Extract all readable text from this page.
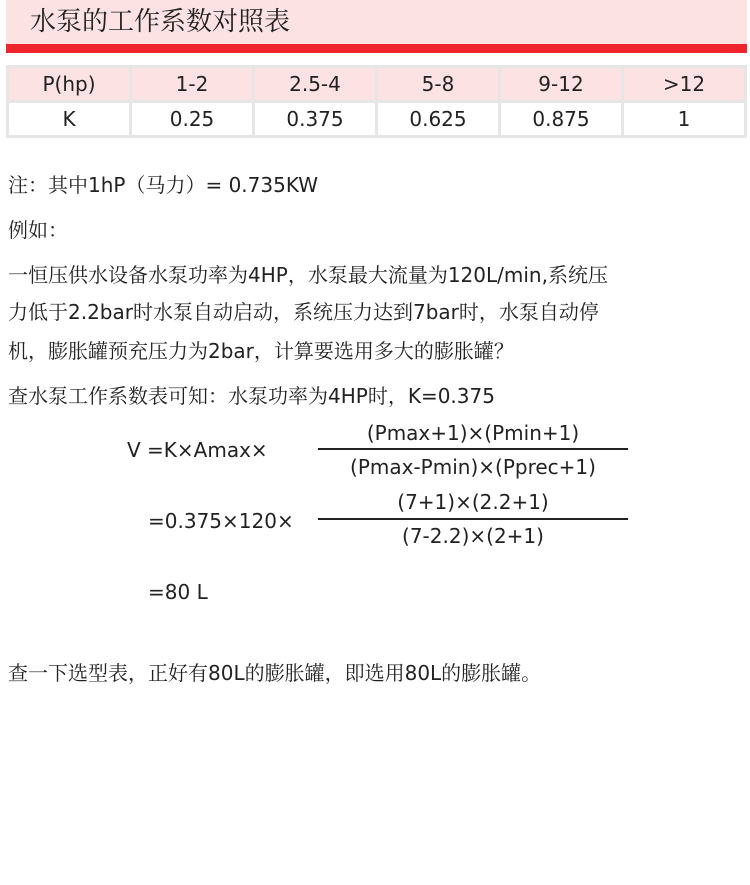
水泵的工作系数对照表
P(hp)	1-2	2.5-4	5-8	9-12	>12
K	0.25	0.375	0.625	0.875	1
注：其中1hP（马力）= 0.735KW
例如：
一恒压供水设备水泵功率为4HP，水泵最大流量为120L/min,系统压
力低于2.2bar时水泵自动启动，系统压力达到7bar时，水泵自动停
机，膨胀罐预充压力为2bar，计算要选用多大的膨胀罐？
查水泵工作系数表可知：水泵功率为4HP时，K=0.375
V =K×Amax×
(Pmax+1)×(Pmin+1)
(Pmax-Pmin)×(Pprec+1)
=0.375×120×
(7+1)×(2.2+1)
(7-2.2)×(2+1)
=80 L
查一下选型表，正好有80L的膨胀罐，即选用80L的膨胀罐。
